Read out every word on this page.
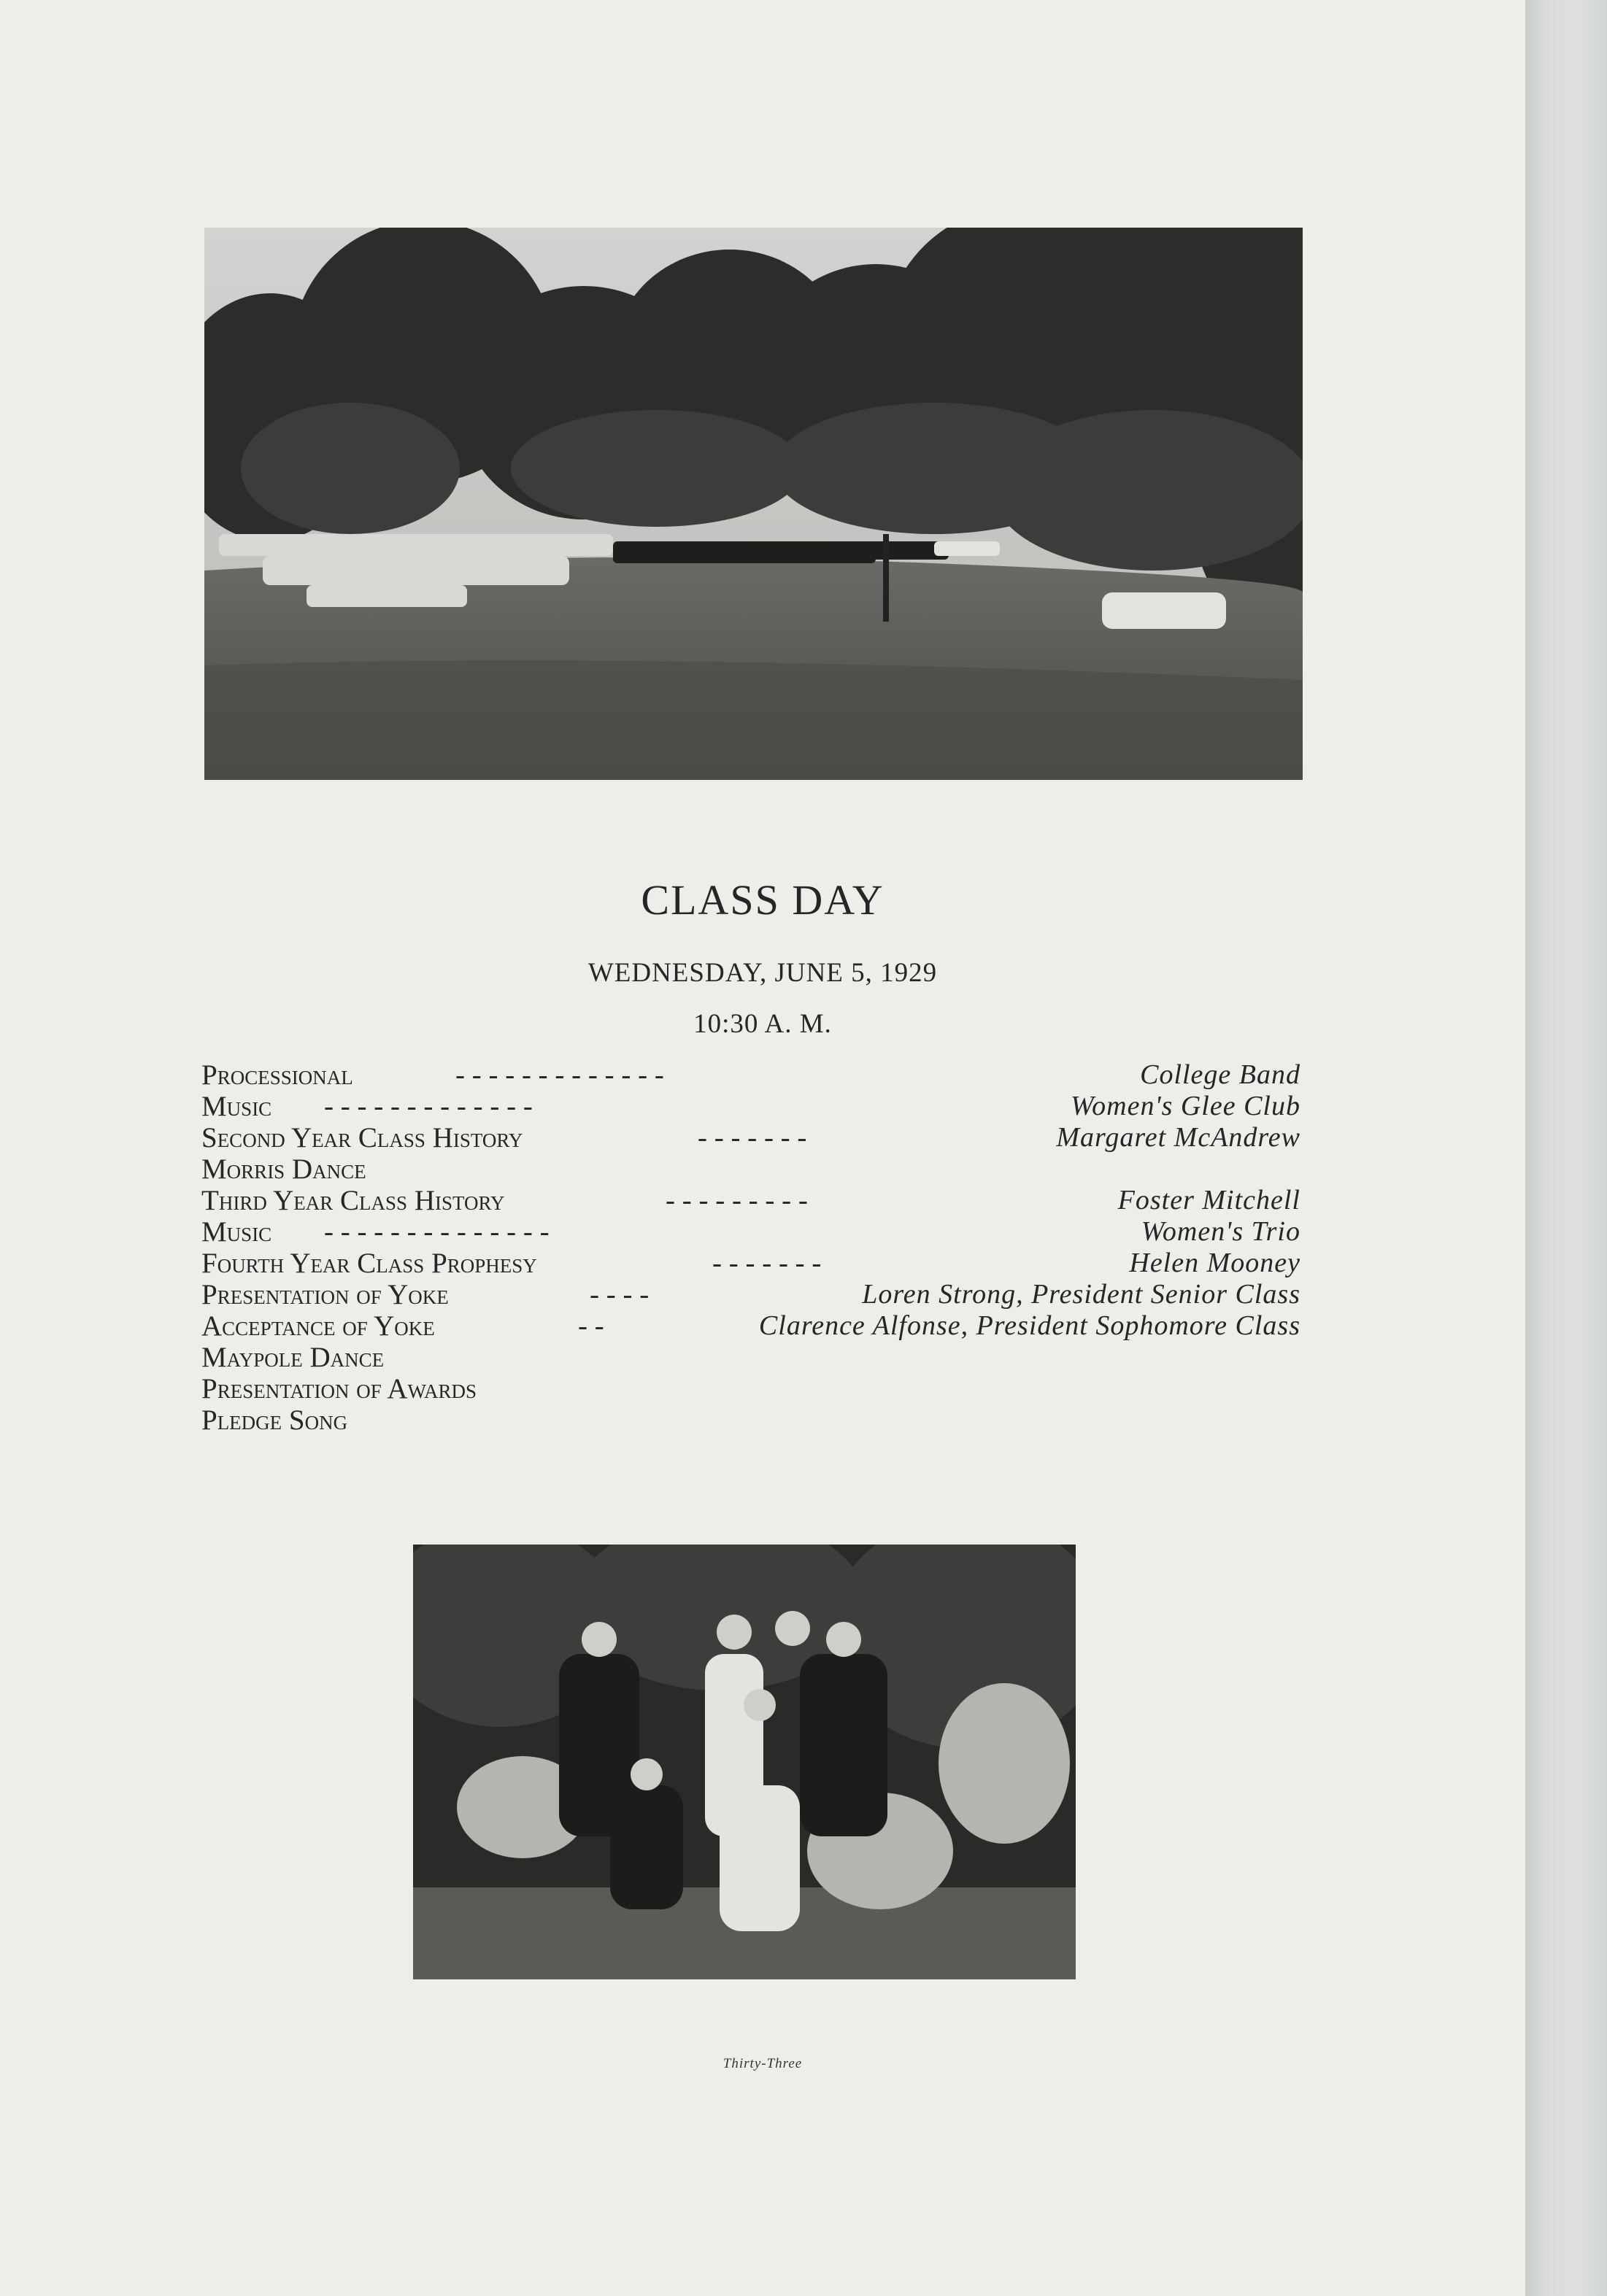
CLASS DAY
WEDNESDAY, JUNE 5, 1929
10:30 A. M.
Processional	- - - - - - - - - - - - -	College Band
Music - - - - - - - - - - - - -	Women's Glee Club
Second Year Class History	- - - - - - -	Margaret McAndrew
Morris Dance
Third Year Class History	- - - - - - - - -	Foster Mitchell
Music - - - - - - - - - - - - - -	Women's Trio
Fourth Year Class Prophesy	- - - - - - -	Helen Mooney
Presentation of Yoke	- - - -	Loren Strong, President Senior Class
Acceptance of Yoke	- -	Clarence Alfonse, President Sophomore Class
Maypole Dance
Presentation of Awards
Pledge Song
Thirty-Three
